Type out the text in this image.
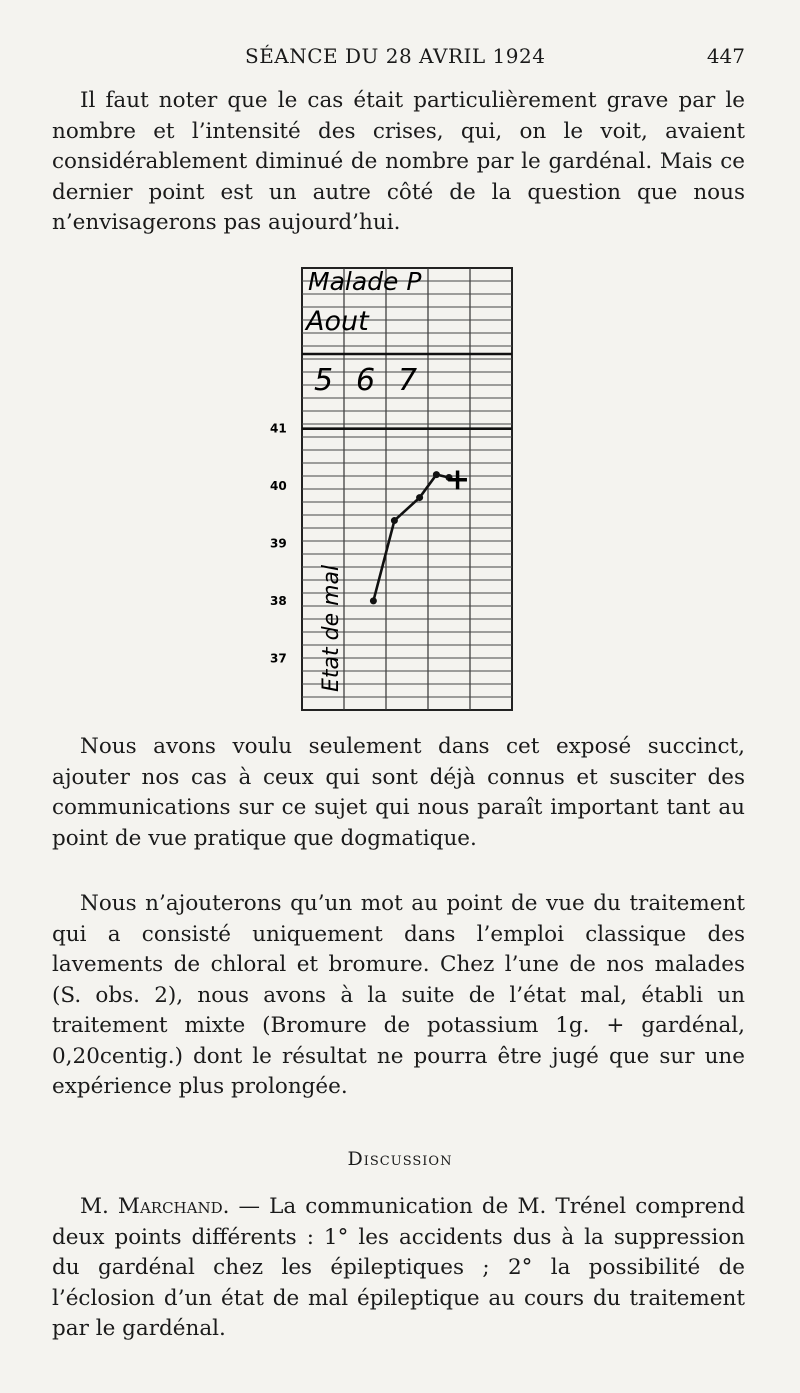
SÉANCE DU 28 AVRIL 1924	447

Il faut noter que le cas était particulièrement grave par le nombre et l’intensité des crises, qui, on le voit, avaient considérablement diminué de nombre par le gardénal. Mais ce dernier point est un autre côté de la question que nous n’envisagerons pas aujourd’hui.

41
40
39
38
37
Malade P
Aout
5 6 7
Etat de mal
+

Nous avons voulu seulement dans cet exposé succinct, ajouter nos cas à ceux qui sont déjà connus et susciter des communications sur ce sujet qui nous paraît important tant au point de vue pratique que dogmatique.

Nous n’ajouterons qu’un mot au point de vue du traitement qui a consisté uniquement dans l’emploi classique des lavements de chloral et bromure. Chez l’une de nos malades (S. obs. 2), nous avons à la suite de l’état mal, établi un traitement mixte (Bromure de potassium 1g. + gardénal, 0,20centig.) dont le résultat ne pourra être jugé que sur une expérience plus prolongée.

Discussion

M. Marchand. — La communication de M. Trénel comprend deux points différents : 1° les accidents dus à la suppression du gardénal chez les épileptiques ; 2° la possibilité de l’éclosion d’un état de mal épileptique au cours du traitement par le gardénal.
